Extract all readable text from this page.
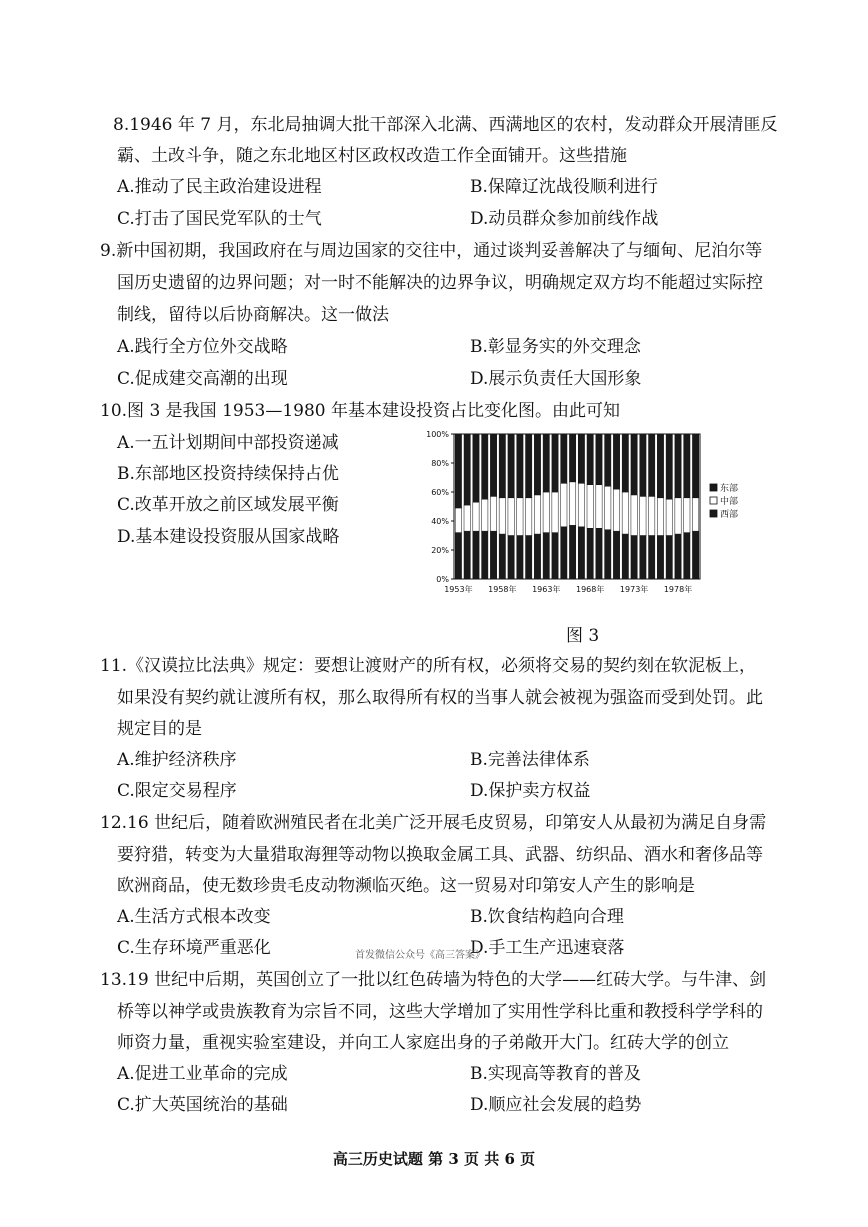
8.1946 年 7 月，东北局抽调大批干部深入北满、西满地区的农村，发动群众开展清匪反
霸、土改斗争，随之东北地区村区政权改造工作全面铺开。这些措施
A.推动了民主政治建设进程	B.保障辽沈战役顺利进行
C.打击了国民党军队的士气	D.动员群众参加前线作战
9.新中国初期，我国政府在与周边国家的交往中，通过谈判妥善解决了与缅甸、尼泊尔等
国历史遗留的边界问题；对一时不能解决的边界争议，明确规定双方均不能超过实际控
制线，留待以后协商解决。这一做法
A.践行全方位外交战略	B.彰显务实的外交理念
C.促成建交高潮的出现	D.展示负责任大国形象
10.图 3 是我国 1953—1980 年基本建设投资占比变化图。由此可知
A.一五计划期间中部投资递减
B.东部地区投资持续保持占优
C.改革开放之前区域发展平衡
D.基本建设投资服从国家战略
0%
20%
40%
60%
80%
100%
1953年 1958年 1963年 1968年 1973年 1978年
东部
中部
西部
图 3
11.《汉谟拉比法典》规定：要想让渡财产的所有权，必须将交易的契约刻在软泥板上，
如果没有契约就让渡所有权，那么取得所有权的当事人就会被视为强盗而受到处罚。此
规定目的是
A.维护经济秩序	B.完善法律体系
C.限定交易程序	D.保护卖方权益
12.16 世纪后，随着欧洲殖民者在北美广泛开展毛皮贸易，印第安人从最初为满足自身需
要狩猎，转变为大量猎取海狸等动物以换取金属工具、武器、纺织品、酒水和奢侈品等
欧洲商品，使无数珍贵毛皮动物濒临灭绝。这一贸易对印第安人产生的影响是
A.生活方式根本改变	B.饮食结构趋向合理
C.生存环境严重恶化	D.手工生产迅速衰落
首发微信公众号《高三答案》
13.19 世纪中后期，英国创立了一批以红色砖墙为特色的大学——红砖大学。与牛津、剑
桥等以神学或贵族教育为宗旨不同，这些大学增加了实用性学科比重和教授科学学科的
师资力量，重视实验室建设，并向工人家庭出身的子弟敞开大门。红砖大学的创立
A.促进工业革命的完成	B.实现高等教育的普及
C.扩大英国统治的基础	D.顺应社会发展的趋势
高三历史试题 第 3 页 共 6 页
